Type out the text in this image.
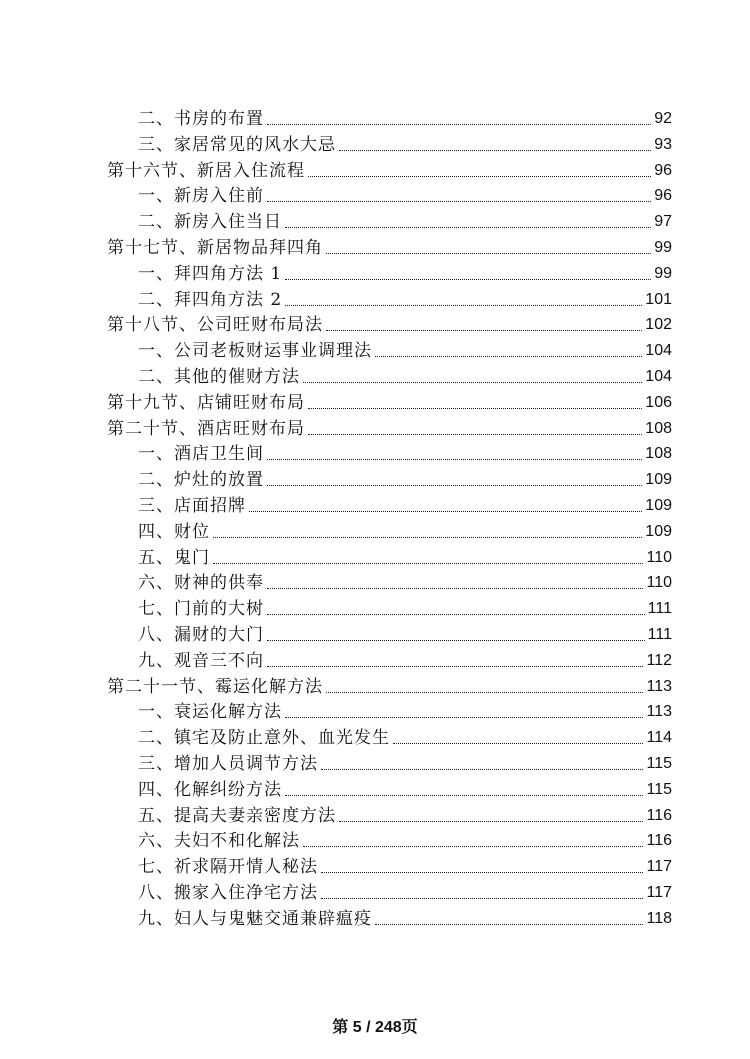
二、书房的布置	92
三、家居常见的风水大忌	93
第十六节、新居入住流程	96
一、新房入住前	96
二、新房入住当日	97
第十七节、新居物品拜四角	99
一、拜四角方法 1	99
二、拜四角方法 2	101
第十八节、公司旺财布局法	102
一、公司老板财运事业调理法	104
二、其他的催财方法	104
第十九节、店铺旺财布局	106
第二十节、酒店旺财布局	108
一、酒店卫生间	108
二、炉灶的放置	109
三、店面招牌	109
四、财位	109
五、鬼门	110
六、财神的供奉	110
七、门前的大树	111
八、漏财的大门	111
九、观音三不向	112
第二十一节、霉运化解方法	113
一、衰运化解方法	113
二、镇宅及防止意外、血光发生	114
三、增加人员调节方法	115
四、化解纠纷方法	115
五、提高夫妻亲密度方法	116
六、夫妇不和化解法	116
七、祈求隔开情人秘法	117
八、搬家入住净宅方法	117
九、妇人与鬼魅交通兼辟瘟疫	118
第 5 / 248页
